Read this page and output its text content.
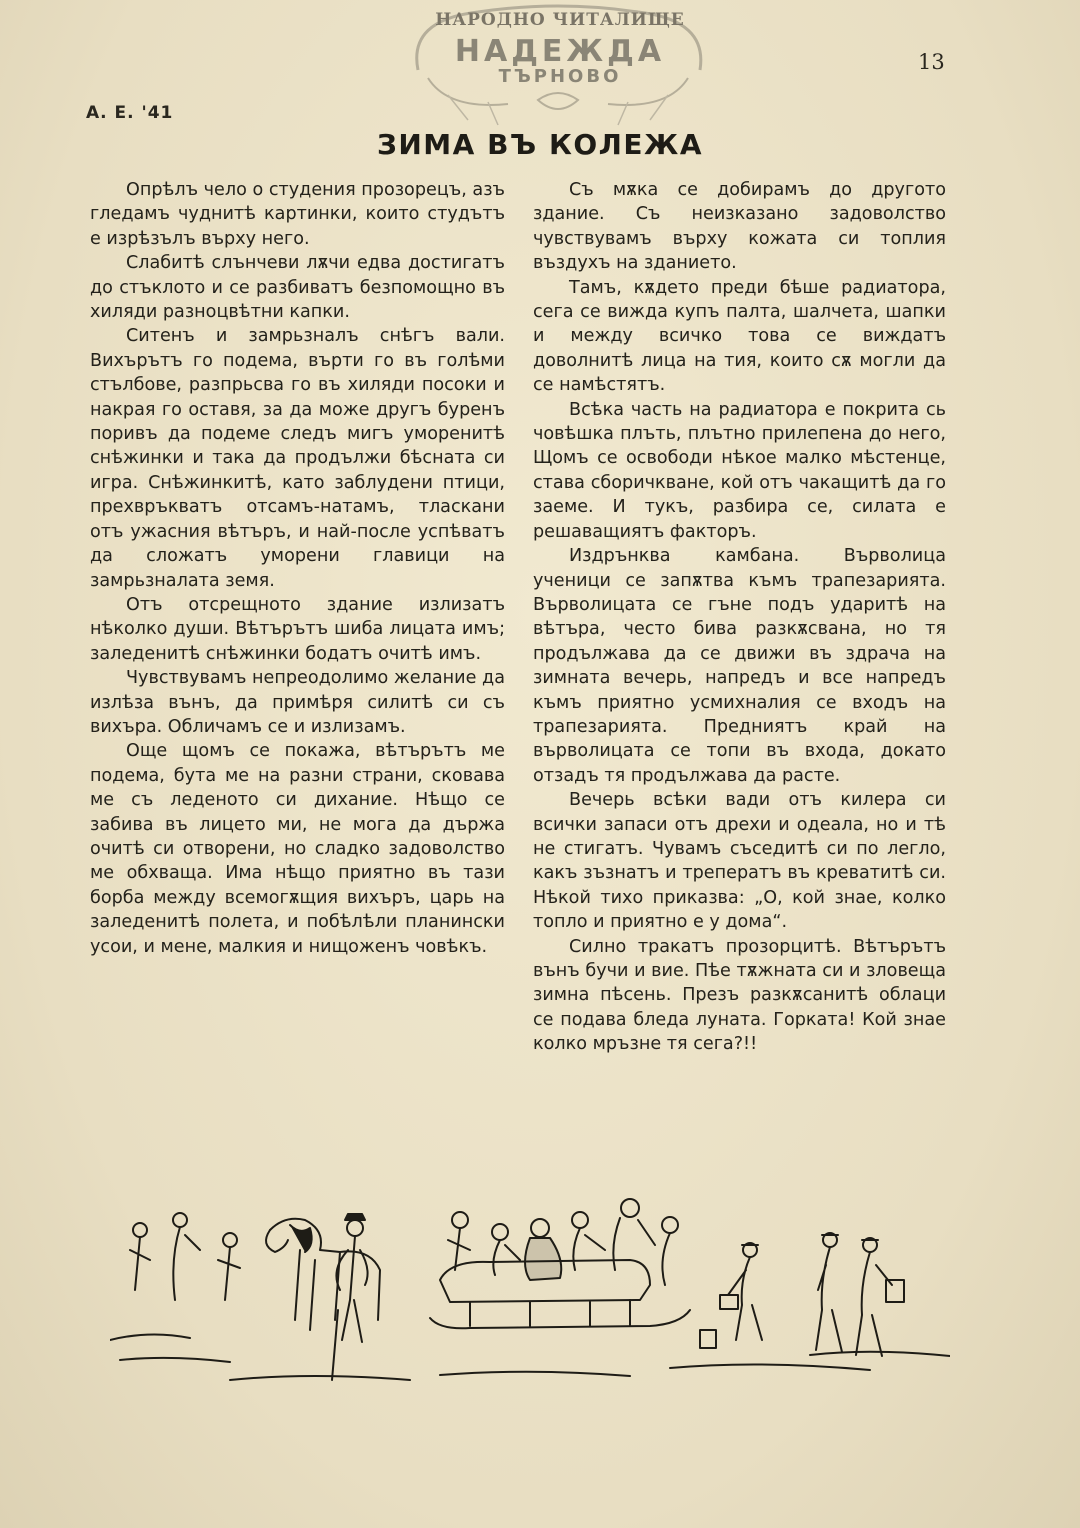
НАРОДНО ЧИТАЛИЩЕ
НАДЕЖДА
ТЪРНОВО
13
А. Е. '41
ЗИМА ВЪ КОЛЕЖА

Опрѣлъ чело о студения прозорецъ, азъ гледамъ чуднитѣ картинки, които студътъ е изрѣзълъ върху него.

Слабитѣ слънчеви лѫчи едва достигатъ до стъклото и се разбиватъ безпомощно въ хиляди разноцвѣтни капки.

Ситенъ и замрьзналъ снѣгъ вали. Вихърътъ го подема, върти го въ голѣми стълбове, разпрьсва го въ хиляди посоки и накрая го оставя, за да може другъ буренъ поривъ да подеме следъ мигъ уморенитѣ снѣжинки и така да продължи бѣсната си игра. Снѣжинкитѣ, като заблудени птици, прехвръкватъ отсамъ-натамъ, тласкани отъ ужасния вѣтъръ, и най-после успѣватъ да сложатъ уморени главици на замрьзналата земя.

Отъ отсрещното здание излизатъ нѣколко души. Вѣтърътъ шиба лицата имъ; заледенитѣ снѣжинки бодатъ очитѣ имъ.

Чувствувамъ непреодолимо желание да излѣза вънъ, да примѣря силитѣ си съ вихъра. Обличамъ се и излизамъ.

Още щомъ се покажа, вѣтърътъ ме подема, бута ме на разни страни, сковава ме съ леденото си дихание. Нѣщо се забива въ лицето ми, не мога да държа очитѣ си отворени, но сладко задоволство ме обхваща. Има нѣщо приятно въ тази борба между всемогѫщия вихъръ, царь на заледенитѣ полета, и побѣлѣли планински усои, и мене, малкия и нищоженъ човѣкъ.

Съ мѫка се добирамъ до другото здание. Съ неизказано задоволство чувствувамъ върху кожата си топлия въздухъ на зданието.

Тамъ, кѫдето преди бѣше радиатора, сега се вижда купъ палта, шалчета, шапки и между всичко това се виждатъ доволнитѣ лица на тия, които сѫ могли да се намѣстятъ.

Всѣка часть на радиатора е покрита сь човѣшка плъть, плътно прилепена до него, Щомъ се освободи нѣкое малко мѣстенце, става сборичкване, кой отъ чакащитѣ да го заеме. И тукъ, разбира се, силата е решаващиятъ факторъ.

Издрънква камбана. Върволица ученици се запѫтва къмъ трапезарията. Върволицата се гъне подъ ударитѣ на вѣтъра, често бива разкѫсвана, но тя продължава да се движи въ здрача на зимната вечерь, напредъ и все напредъ къмъ приятно усмихналия се входъ на трапезарията. Предниятъ край на върволицата се топи въ входа, докато отзадъ тя продължава да расте.

Вечерь всѣки вади отъ килера си всички запаси отъ дрехи и одеала, но и тѣ не стигатъ. Чувамъ съседитѣ си по легло, какъ зъзнатъ и треператъ въ креватитѣ си. Нѣкой тихо приказва: „О, кой знае, колко топло и приятно е у дома“.

Силно тракатъ прозорцитѣ. Вѣтърътъ вънъ бучи и вие. Пѣе тѫжната си и зловеща зимна пѣсень. Презъ разкѫсанитѣ облаци се подава бледа луната. Горката! Кой знае колко мръзне тя сега?!!
